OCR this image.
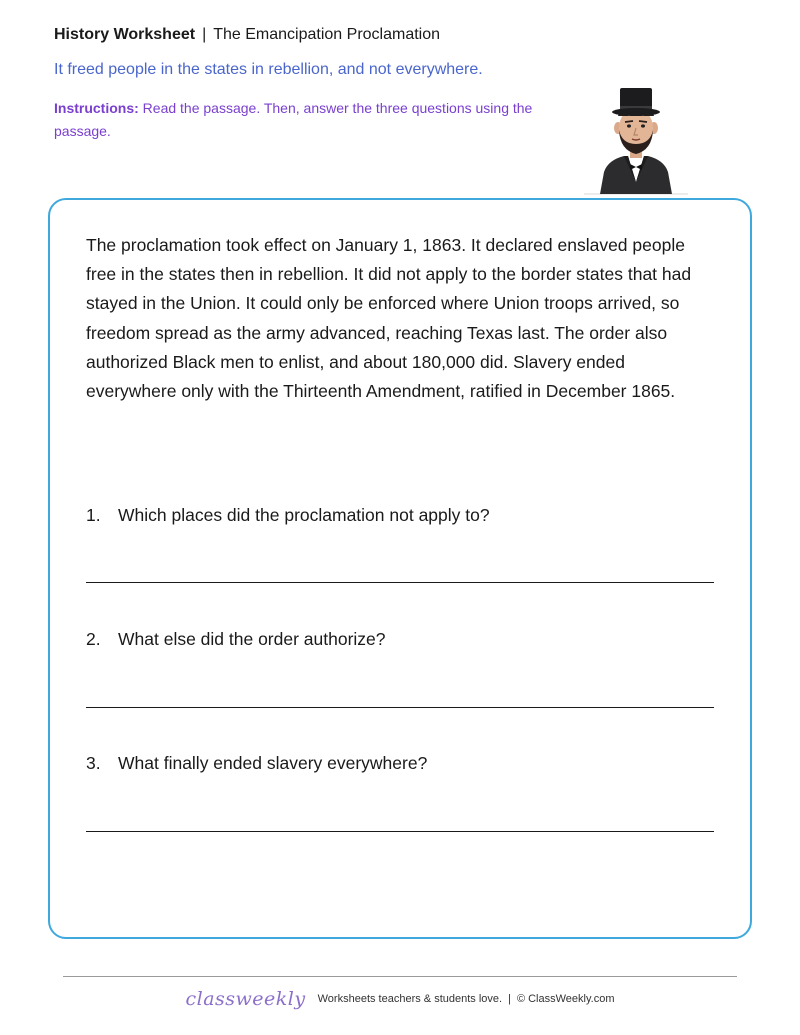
History Worksheet | The Emancipation Proclamation
It freed people in the states in rebellion, and not everywhere.
Instructions: Read the passage. Then, answer the three questions using the passage.
The proclamation took effect on January 1, 1863. It declared enslaved people free in the states then in rebellion. It did not apply to the border states that had stayed in the Union. It could only be enforced where Union troops arrived, so freedom spread as the army advanced, reaching Texas last. The order also authorized Black men to enlist, and about 180,000 did. Slavery ended everywhere only with the Thirteenth Amendment, ratified in December 1865.
1. Which places did the proclamation not apply to?
2. What else did the order authorize?
3. What finally ended slavery everywhere?
classweekly Worksheets teachers & students love. | © ClassWeekly.com
